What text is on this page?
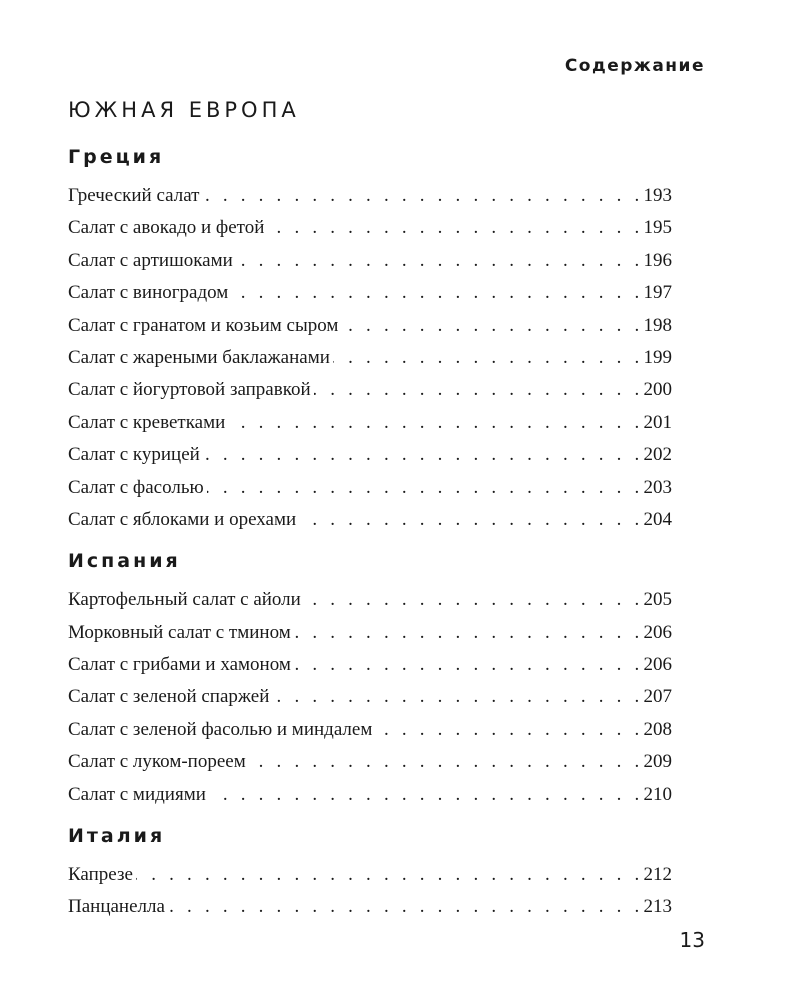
Содержание
ЮЖНАЯ ЕВРОПА
Греция
Греческий салат . . .	193
Салат с авокадо и фетой . . .	195
Салат с артишоками . . .	196
Салат с виноградом . . .	197
Салат с гранатом и козьим сыром . . .	198
Салат с жареными баклажанами . . .	199
Салат с йогуртовой заправкой . . .	200
Салат с креветками . . .	201
Салат с курицей . . .	202
Салат с фасолью . . .	203
Салат с яблоками и орехами . . .	204
Испания
Картофельный салат с айоли . . .	205
Морковный салат с тмином . . .	206
Салат с грибами и хамоном . . .	206
Салат с зеленой спаржей . . .	207
Салат с зеленой фасолью и миндалем . . .	208
Салат с луком-пореем . . .	209
Салат с мидиями . . .	210
Италия
Капрезе . . .	212
Панцанелла . . .	213

13
